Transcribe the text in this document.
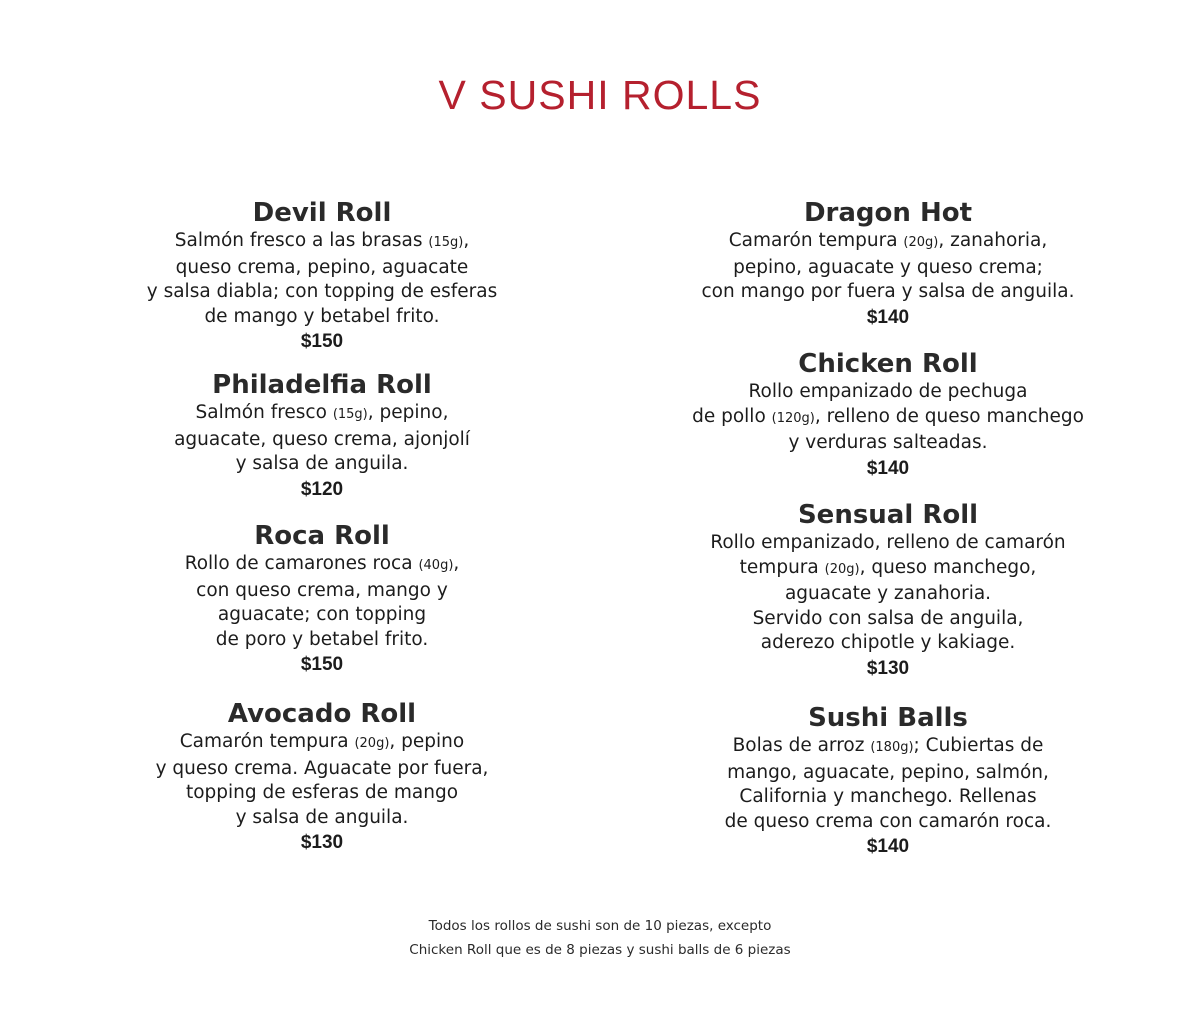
V SUSHI ROLLS
Devil Roll
Salmón fresco a las brasas (15g),
queso crema, pepino, aguacate
y salsa diabla; con topping de esferas
de mango y betabel frito.
$150
Philadelfia Roll
Salmón fresco (15g), pepino,
aguacate, queso crema, ajonjolí
y salsa de anguila.
$120
Roca Roll
Rollo de camarones roca (40g),
con queso crema, mango y
aguacate; con topping
de poro y betabel frito.
$150
Avocado Roll
Camarón tempura (20g), pepino
y queso crema. Aguacate por fuera,
topping de esferas de mango
y salsa de anguila.
$130
Dragon Hot
Camarón tempura (20g), zanahoria,
pepino, aguacate y queso crema;
con mango por fuera y salsa de anguila.
$140
Chicken Roll
Rollo empanizado de pechuga
de pollo (120g), relleno de queso manchego
y verduras salteadas.
$140
Sensual Roll
Rollo empanizado, relleno de camarón
tempura (20g), queso manchego,
aguacate y zanahoria.
Servido con salsa de anguila,
aderezo chipotle y kakiage.
$130
Sushi Balls
Bolas de arroz (180g); Cubiertas de
mango, aguacate, pepino, salmón,
California y manchego. Rellenas
de queso crema con camarón roca.
$140
Todos los rollos de sushi son de 10 piezas, excepto
Chicken Roll que es de 8 piezas y sushi balls de 6 piezas
